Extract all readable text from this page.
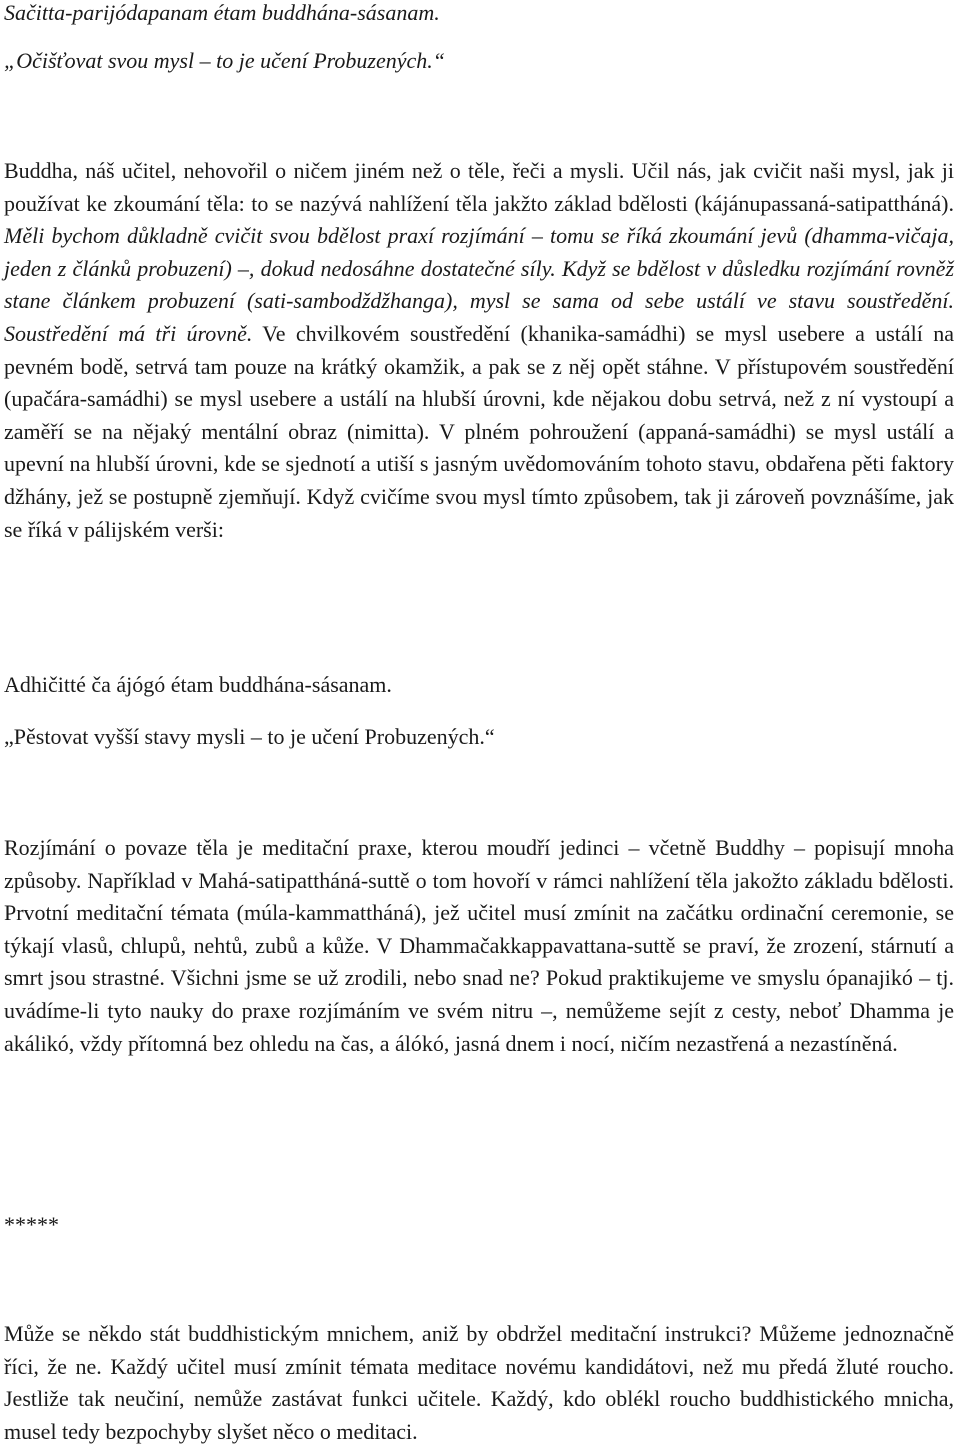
Sačitta-parijódapanam étam buddhána-sásanam.

„Očišťovat svou mysl – to je učení Probuzených.“

Buddha, náš učitel, nehovořil o ničem jiném než o těle, řeči a mysli. Učil nás, jak cvičit naši mysl, jak ji používat ke zkoumání těla: to se nazývá nahlížení těla jakžto základ bdělosti (kájánupassaná-satipattháná). Měli bychom důkladně cvičit svou bdělost praxí rozjímání – tomu se říká zkoumání jevů (dhamma-vičaja, jeden z článků probuzení) –, dokud nedosáhne dostatečné síly. Když se bdělost v důsledku rozjímání rovněž stane článkem probuzení (sati-sambodždžhanga), mysl se sama od sebe ustálí ve stavu soustředění. Soustředění má tři úrovně. Ve chvilkovém soustředění (khanika-samádhi) se mysl usebere a ustálí na pevném bodě, setrvá tam pouze na krátký okamžik, a pak se z něj opět stáhne. V přístupovém soustředění (upačára-samádhi) se mysl usebere a ustálí na hlubší úrovni, kde nějakou dobu setrvá, než z ní vystoupí a zaměří se na nějaký mentální obraz (nimitta). V plném pohroužení (appaná-samádhi) se mysl ustálí a upevní na hlubší úrovni, kde se sjednotí a utiší s jasným uvědomováním tohoto stavu, obdařena pěti faktory džhány, jež se postupně zjemňují. Když cvičíme svou mysl tímto způsobem, tak ji zároveň povznášíme, jak se říká v pálijském verši:

Adhičitté ča ájógó étam buddhána-sásanam.

„Pěstovat vyšší stavy mysli – to je učení Probuzených.“

Rozjímání o povaze těla je meditační praxe, kterou moudří jedinci – včetně Buddhy – popisují mnoha způsoby. Například v Mahá-satipattháná-suttě o tom hovoří v rámci nahlížení těla jakožto základu bdělosti. Prvotní meditační témata (múla-kammattháná), jež učitel musí zmínit na začátku ordinační ceremonie, se týkají vlasů, chlupů, nehtů, zubů a kůže. V Dhammačakkappavattana-suttě se praví, že zrození, stárnutí a smrt jsou strastné. Všichni jsme se už zrodili, nebo snad ne? Pokud praktikujeme ve smyslu ópanajikó – tj. uvádíme-li tyto nauky do praxe rozjímáním ve svém nitru –, nemůžeme sejít z cesty, neboť Dhamma je akálikó, vždy přítomná bez ohledu na čas, a álókó, jasná dnem i nocí, ničím nezastřená a nezastíněná.

*****

Může se někdo stát buddhistickým mnichem, aniž by obdržel meditační instrukci? Můžeme jednoznačně říci, že ne. Každý učitel musí zmínit témata meditace novému kandidátovi, než mu předá žluté roucho. Jestliže tak neučiní, nemůže zastávat funkci učitele. Každý, kdo oblékl roucho buddhistického mnicha, musel tedy bezpochyby slyšet něco o meditaci.
